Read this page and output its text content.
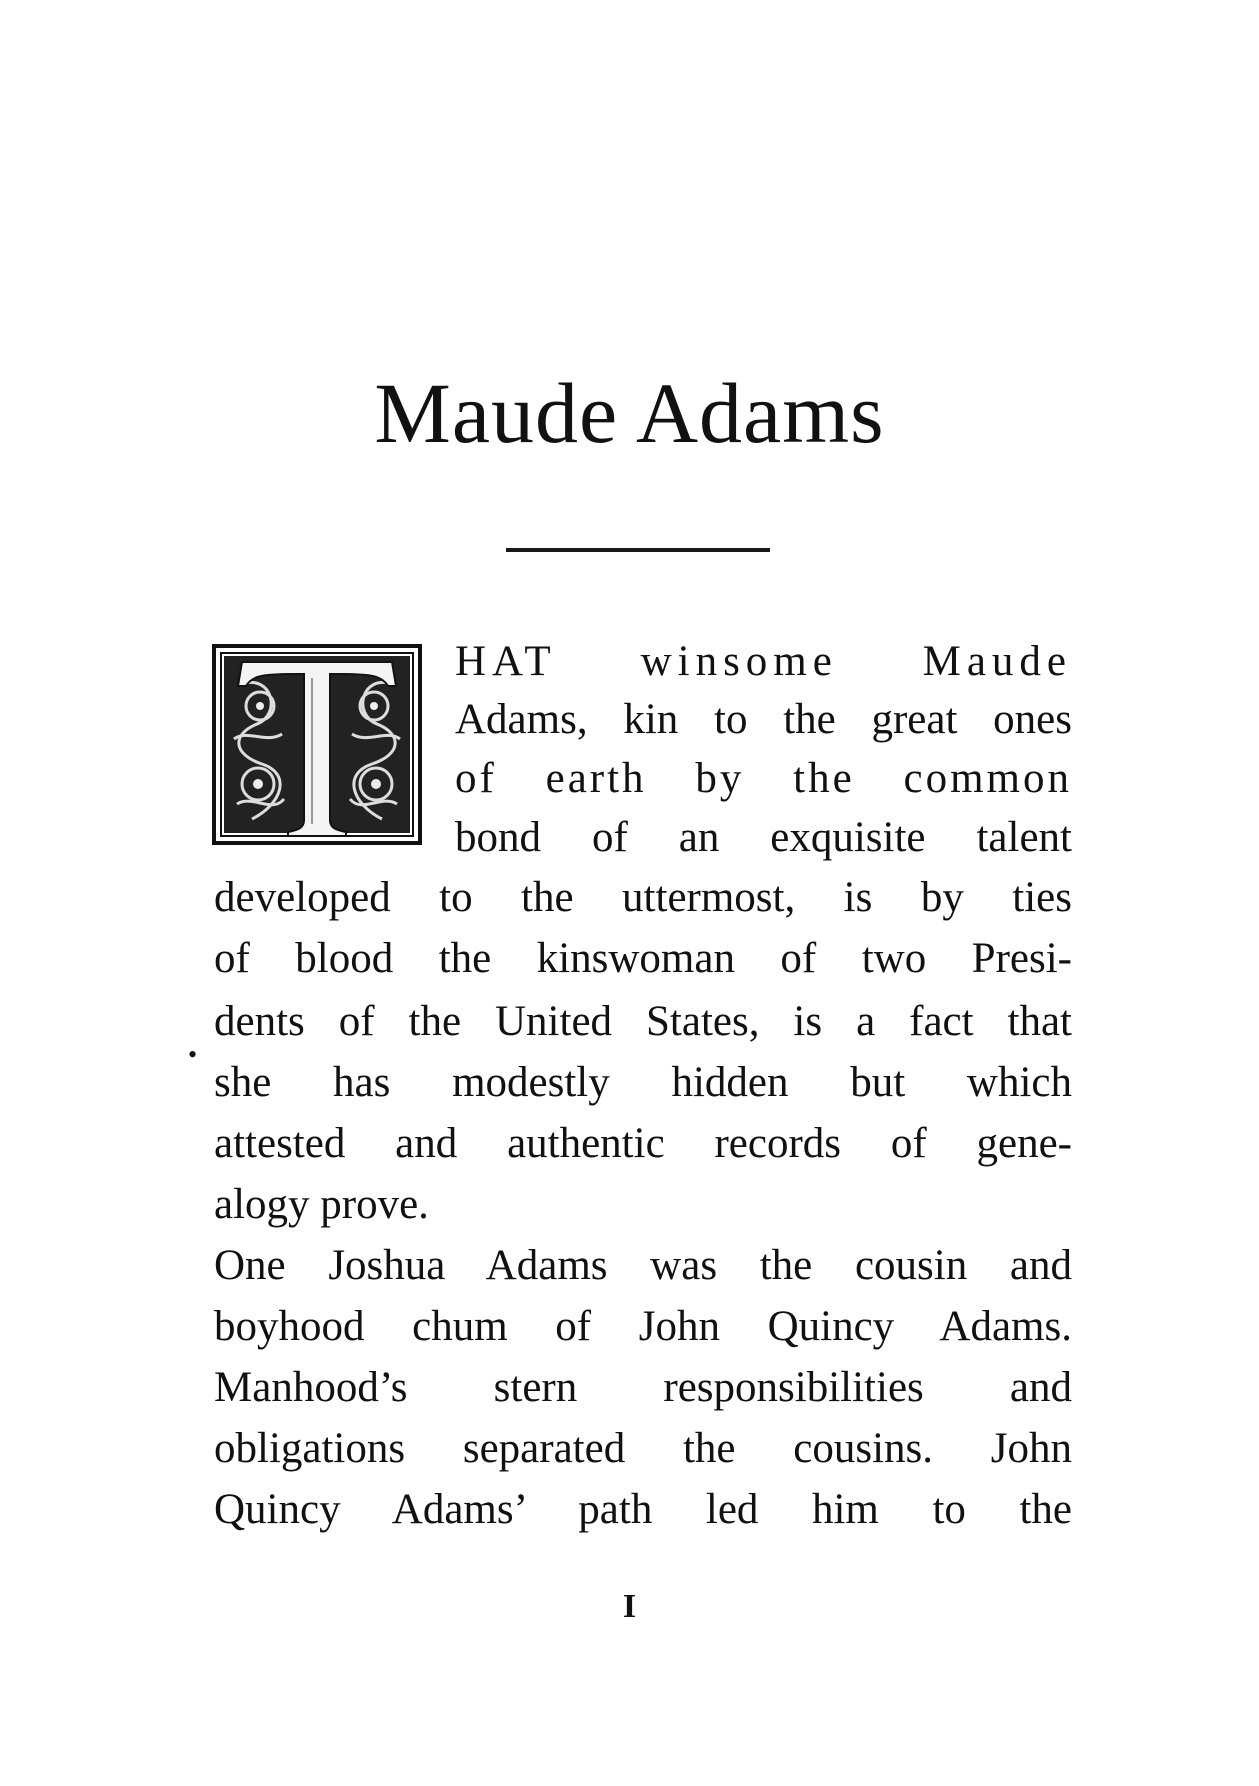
Maude Adams
HAT winsome Maude
Adams, kin to the great ones
of earth by the common
bond of an exquisite talent
developed to the uttermost, is by ties
of blood the kinswoman of two Presi-
•
dents of the United States, is a fact that
she has modestly hidden but which
attested and authentic records of gene-
alogy prove.
One Joshua Adams was the cousin and
boyhood chum of John Quincy Adams.
Manhood’s stern responsibilities and
obligations separated the cousins. John
Quincy Adams’ path led him to the
I
